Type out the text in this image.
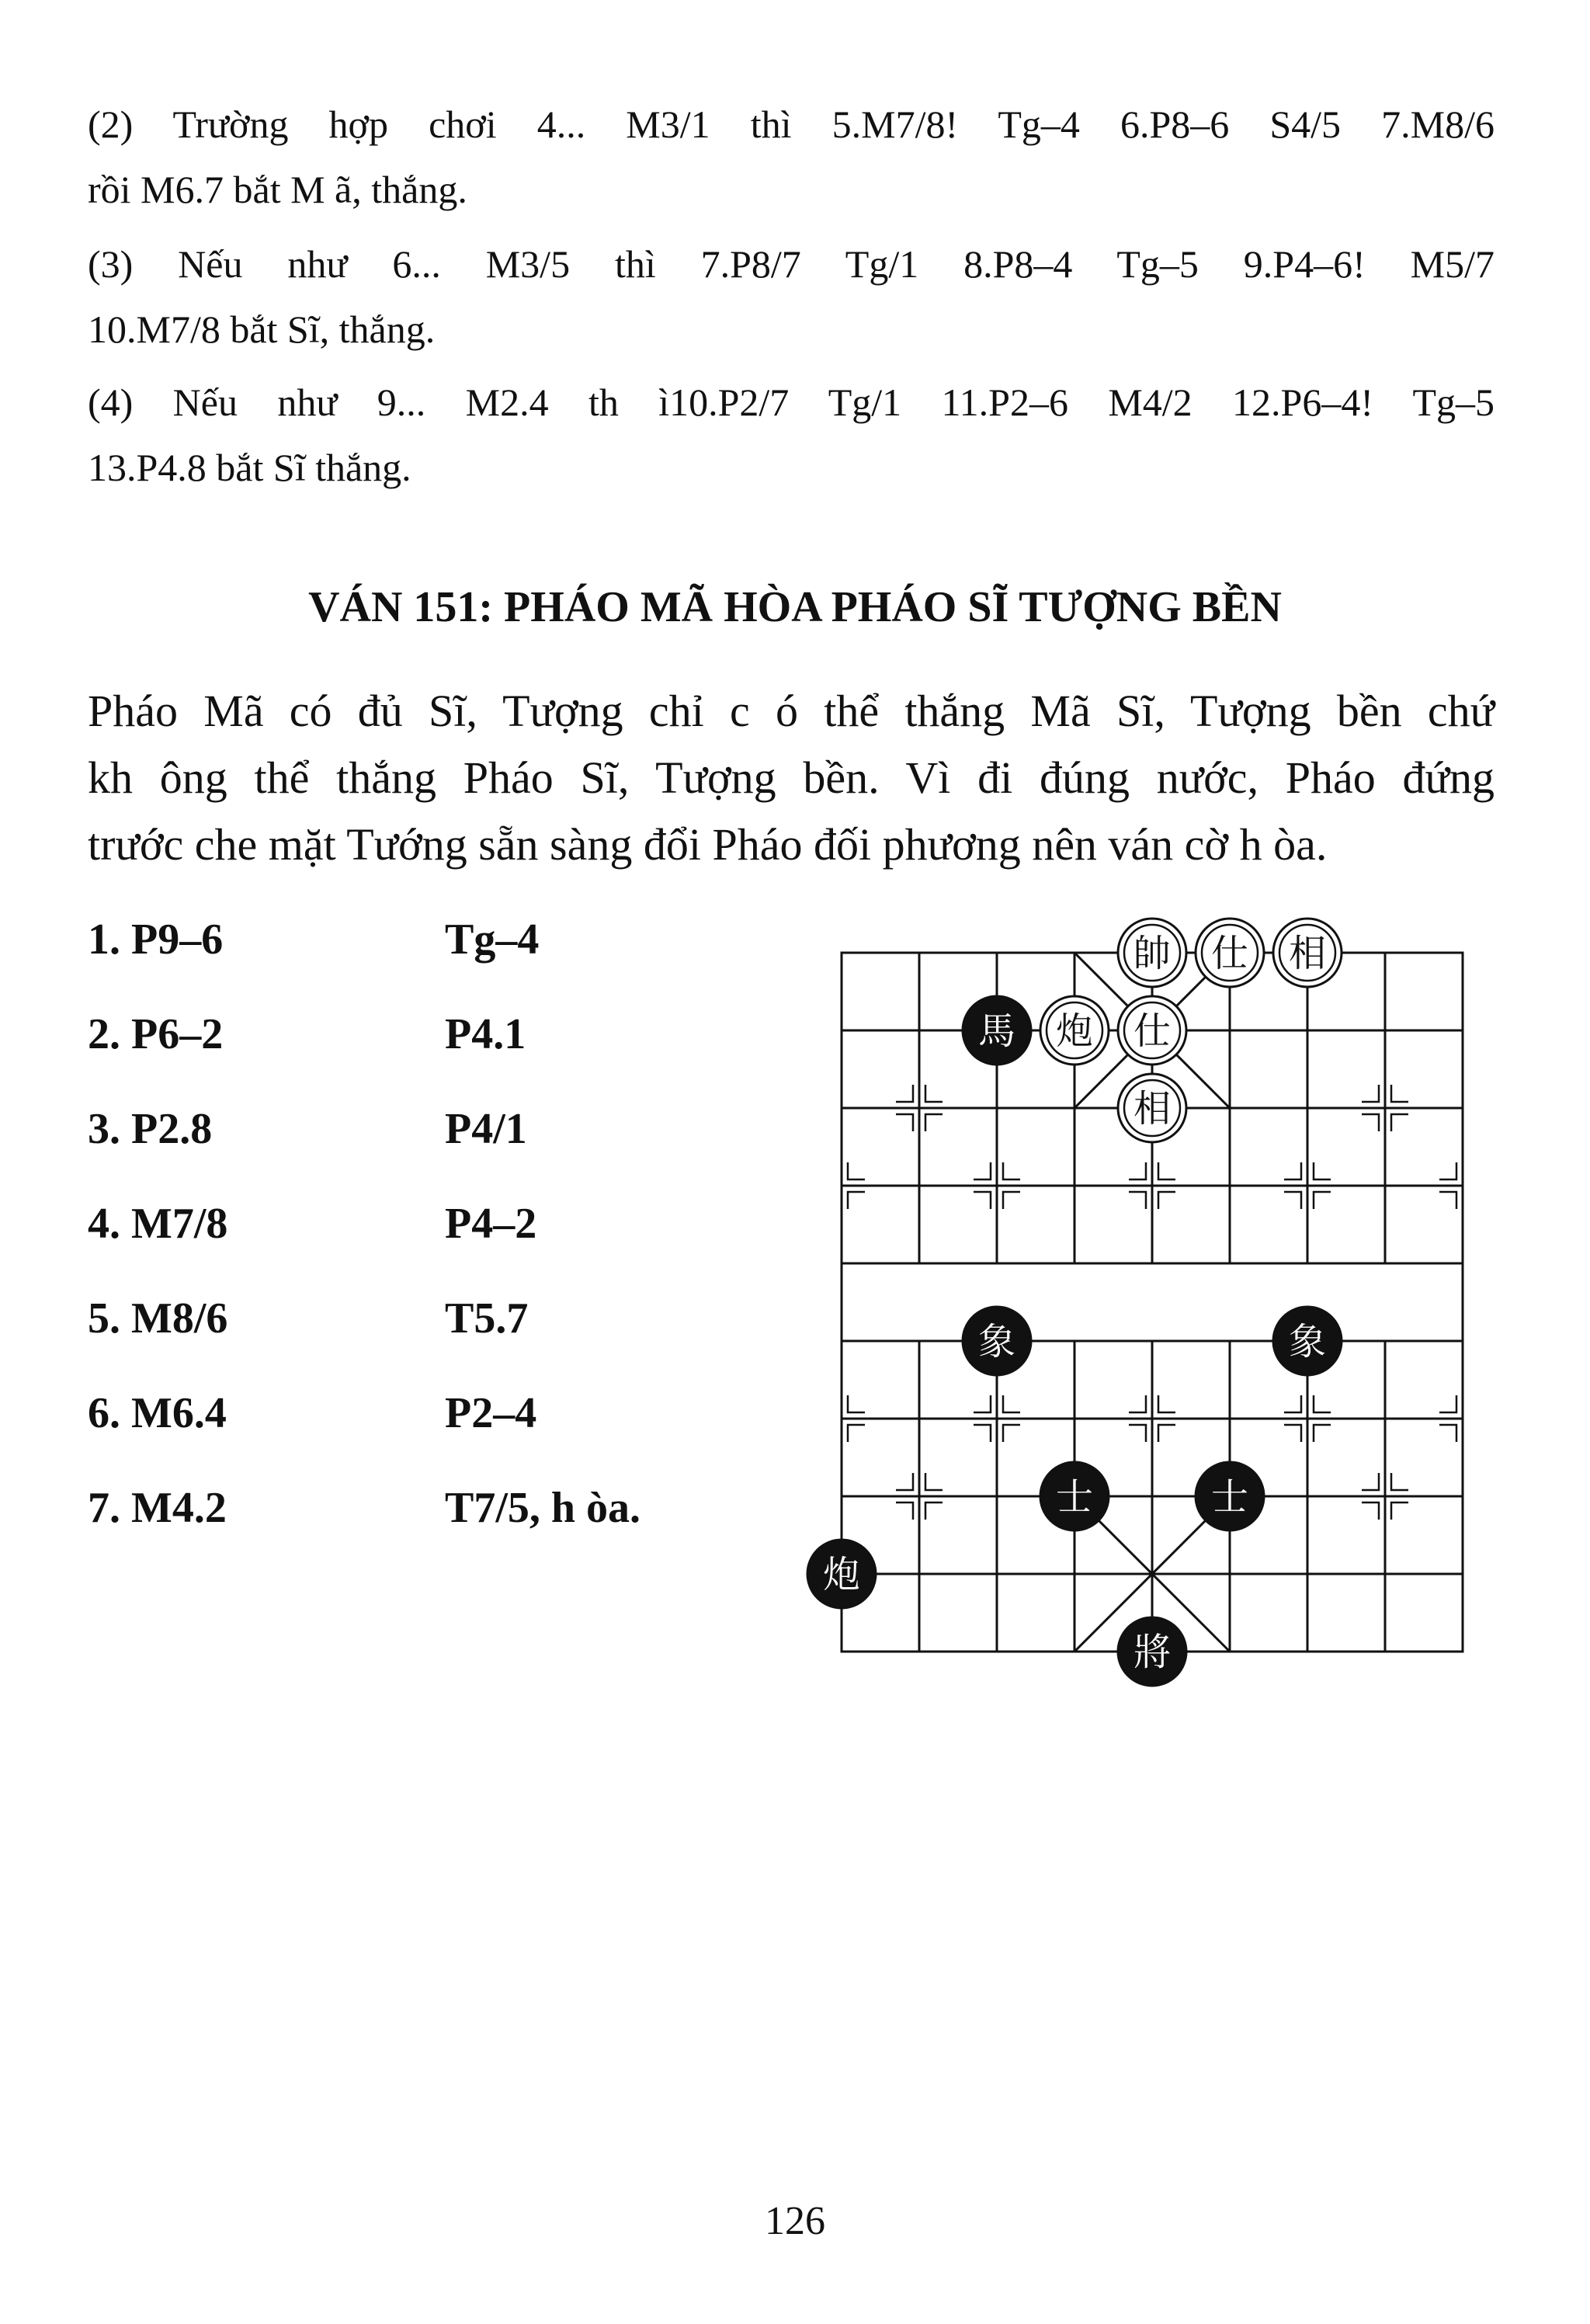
(2) Trường hợp chơi 4... M3/1 thì 5.M7/8! Tg–4 6.P8–6 S4/5 7.M8/6
rồi M6.7 bắt M ã, thắng.
(3) Nếu như 6... M3/5 thì 7.P8/7 Tg/1 8.P8–4 Tg–5 9.P4–6! M5/7
10.M7/8 bắt Sĩ, thắng.
(4) Nếu như 9... M2.4 th ì10.P2/7 Tg/1 11.P2–6 M4/2 12.P6–4! Tg–5
13.P4.8 bắt Sĩ thắng.
VÁN 151: PHÁO MÃ HÒA PHÁO SĨ TƯỢNG BỀN
Pháo Mã có đủ Sĩ, Tượng chỉ c ó thể thắng Mã Sĩ, Tượng bền chứ
kh ông thể thắng Pháo Sĩ, Tượng bền. Vì đi đúng nước, Pháo đứng
trước che mặt Tướng sẵn sàng đổi Pháo đối phương nên ván cờ h òa.
1. P9–6	Tg–4
2. P6–2	P4.1
3. P2.8	P4/1
4. M7/8	P4–2
5. M8/6	T5.7
6. M6.4	P2–4
7. M4.2	T7/5, h òa.
帥 仕 相
馬 炮 仕
相
象	象
士	士
炮
將
126
